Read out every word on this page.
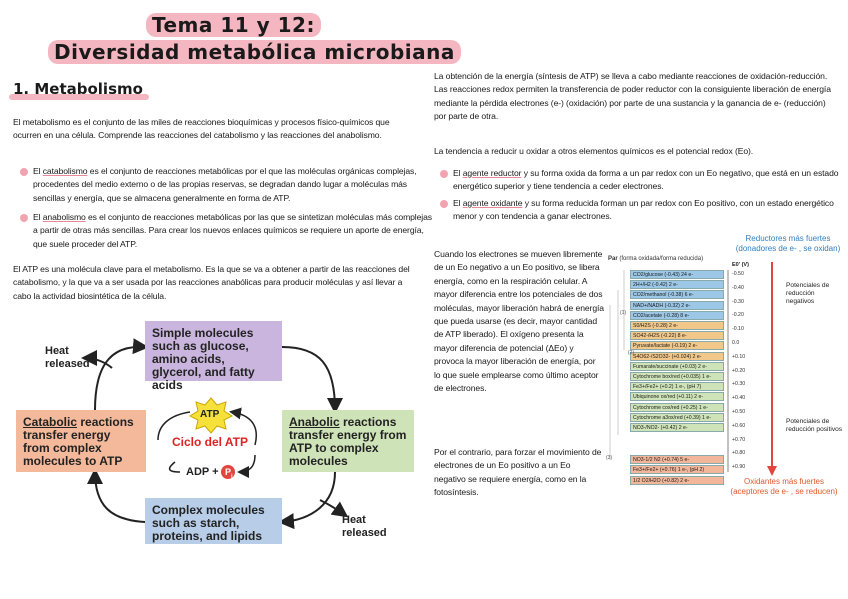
Tema 11 y 12:
Diversidad metabólica microbiana
1. Metabolismo
El metabolismo es el conjunto de las miles de reacciones bioquímicas y procesos físico-químicos que ocurren en una célula. Comprende las reacciones del catabolismo y las reacciones del anabolismo.
El catabolismo es el conjunto de reacciones metabólicas por el que las moléculas orgánicas complejas, procedentes del medio externo o de las propias reservas, se degradan dando lugar a moléculas más sencillas y energía, que se almacena generalmente en forma de ATP.
El anabolismo es el conjunto de reacciones metabólicas por las que se sintetizan moléculas más complejas a partir de otras más sencillas. Para crear los nuevos enlaces químicos se requiere un aporte de energía, que suele proceder del ATP.
El ATP es una molécula clave para el metabolismo. Es la que se va a obtener a partir de las reacciones del catabolismo, y la que va a ser usada por las reacciones anabólicas para producir moléculas y así llevar a cabo la actividad biosintética de la célula.
Simple molecules such as glucose, amino acids, glycerol, and fatty acids
Catabolic reactions transfer energy from complex molecules to ATP
Anabolic reactions transfer energy from ATP to complex molecules
Complex molecules such as starch, proteins, and lipids
Heat released
Heat released
ATP
Ciclo del ATP
ADP + $P_i$
La obtención de la energía (síntesis de ATP) se lleva a cabo mediante reacciones de oxidación-reducción. Las reacciones redox permiten la transferencia de poder reductor con la consiguiente liberación de energía mediante la pérdida electrones (e-) (oxidación) por parte de una sustancia y la ganancia de e- (reducción) por parte de otra.
La tendencia a reducir u oxidar a otros elementos químicos es el potencial redox (Eo).
El agente reductor y su forma oxida da forma a un par redox con un Eo negativo, que está en un estado energético superior y tiene tendencia a ceder electrones.
El agente oxidante y su forma reducida forman un par redox con Eo positivo, con un estado energético menor y con tendencia a ganar electrones.
Cuando los electrones se mueven libremente de un Eo negativo a un Eo positivo, se libera energía, como en la respiración celular. A mayor diferencia entre los potenciales de dos moléculas, mayor liberación habrá de energía que pueda usarse (es decir, mayor cantidad de ATP liberado). El oxígeno presenta la mayor diferencia de potencial (ΔEo) y provoca la mayor liberación de energía, por lo que suele emplearse como último aceptor de electrones.
Por el contrario, para forzar el movimiento de electrones de un Eo positivo a un Eo negativo se requiere energía, como en la fotosíntesis.
Reductores más fuertes (donadores de e- , se oxidan)
Par (forma oxidada/forma reducida)
E0' (V)
-0.50
-0.40
-0.30
-0.20
-0.10
0.0
+0.10
+0.20
+0.30
+0.40
+0.50
+0.60
+0.70
+0.80
+0.90
CO2/glucose (-0.43) 24 e-
2H+/H2 (-0.42) 2 e-
CO2/methanol (-0.38) 6 e-
NAD+/NADH (-0.32) 2 e-
CO2/acetate (-0.28) 8 e-
S0/H2S (-0.28) 2 e-
SO42-/H2S (-0.22) 8 e-
Pyruvate/lactate (-0.19) 2 e-
S4O62-/S2O32- (+0.024) 2 e-
Fumarate/succinate (+0.03) 2 e-
Cytochrome box/red (+0.035) 1 e-
Fe3+/Fe2+ (+0.2) 1 e-, (pH 7)
Ubiquinone ox/red (+0.11) 2 e-
Cytochrome cox/red (+0.25) 1 e-
Cytochrome a3ox/red (+0.39) 1 e-
NO3-/NO2- (+0.42) 2 e-
NO3-1/2 N2 (+0.74) 5 e-
Fe3+/Fe2+ (+0.76) 1 e-, (pH 2)
1/2 O2/H2O (+0.82) 2 e-
(1)
(2)
(3)
Potenciales de reducción negativos
Potenciales de reducción positivos
Oxidantes más fuertes (aceptores de e- , se reducen)
